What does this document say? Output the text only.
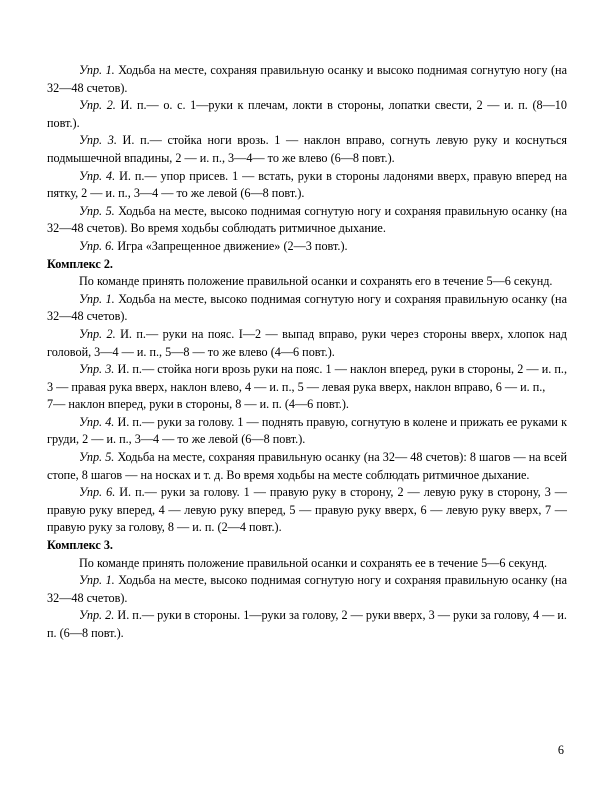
Упр. 1. Ходьба на месте, сохраняя правильную осанку и высоко поднимая согнутую ногу (на 32—48 счетов).

Упр. 2. И. п.— о. с. 1—руки к плечам, локти в стороны, лопатки свести, 2 — и. п. (8—10 повт.).

Упр. 3. И. п.— стойка ноги врозь. 1 — наклон вправо, согнуть левую руку и коснуться подмышечной впадины, 2 — и. п., 3—4— то же влево (6—8 повт.).

Упр. 4. И. п.— упор присев. 1 — встать, руки в стороны ладонями вверх, правую вперед на пятку, 2 — и. п., 3—4 — то же левой (6—8 повт.).

Упр. 5. Ходьба на месте, высоко поднимая согнутую ногу и сохраняя правильную осанку (на 32—48 счетов). Во время ходьбы соблюдать ритмичное дыхание.

Упр. 6. Игра «Запрещенное движение» (2—3 повт.).

Комплекс 2.

По команде принять положение правильной осанки и сохранять его в течение 5—6 секунд.

Упр. 1. Ходьба на месте, высоко поднимая согнутую ногу и сохраняя правильную осанку (на 32—48 счетов).

Упр. 2. И. п.— руки на пояс. I—2 — выпад вправо, руки через стороны вверх, хлопок над головой, 3—4 — и. п., 5—8 — то же влево (4—6 повт.).

Упр. 3. И. п.— стойка ноги врозь руки на пояс. 1 — наклон вперед, руки в стороны, 2 — и. п., 3 — правая рука вверх, наклон влево, 4 — и. п., 5 — левая рука вверх, наклон вправо, 6 — и. п.,

7— наклон вперед, руки в стороны, 8 — и. п. (4—6 повт.).

Упр. 4. И. п.— руки за голову. 1 — поднять правую, согнутую в колене и прижать ее руками к груди, 2 — и. п., 3—4 — то же левой (6—8 повт.).

Упр. 5. Ходьба на месте, сохраняя правильную осанку (на 32— 48 счетов): 8 шагов — на всей стопе, 8 шагов — на носках и т. д. Во время ходьбы на месте соблюдать ритмичное дыхание.

Упр. 6. И. п.— руки за голову. 1 — правую руку в сторону, 2 — левую руку в сторону, 3 — правую руку вперед, 4 — левую руку вперед, 5 — правую руку вверх, 6 — левую руку вверх, 7 — правую руку за голову, 8 — и. п. (2—4 повт.).

Комплекс 3.

По команде принять положение правильной осанки и сохранять ее в течение 5—6 секунд.

Упр. 1. Ходьба на месте, высоко поднимая согнутую ногу и сохраняя правильную осанку (на 32—48 счетов).

Упр. 2. И. п.— руки в стороны. 1—руки за голову, 2 — руки вверх, 3 — руки за голову, 4 — и. п. (6—8 повт.).

6
